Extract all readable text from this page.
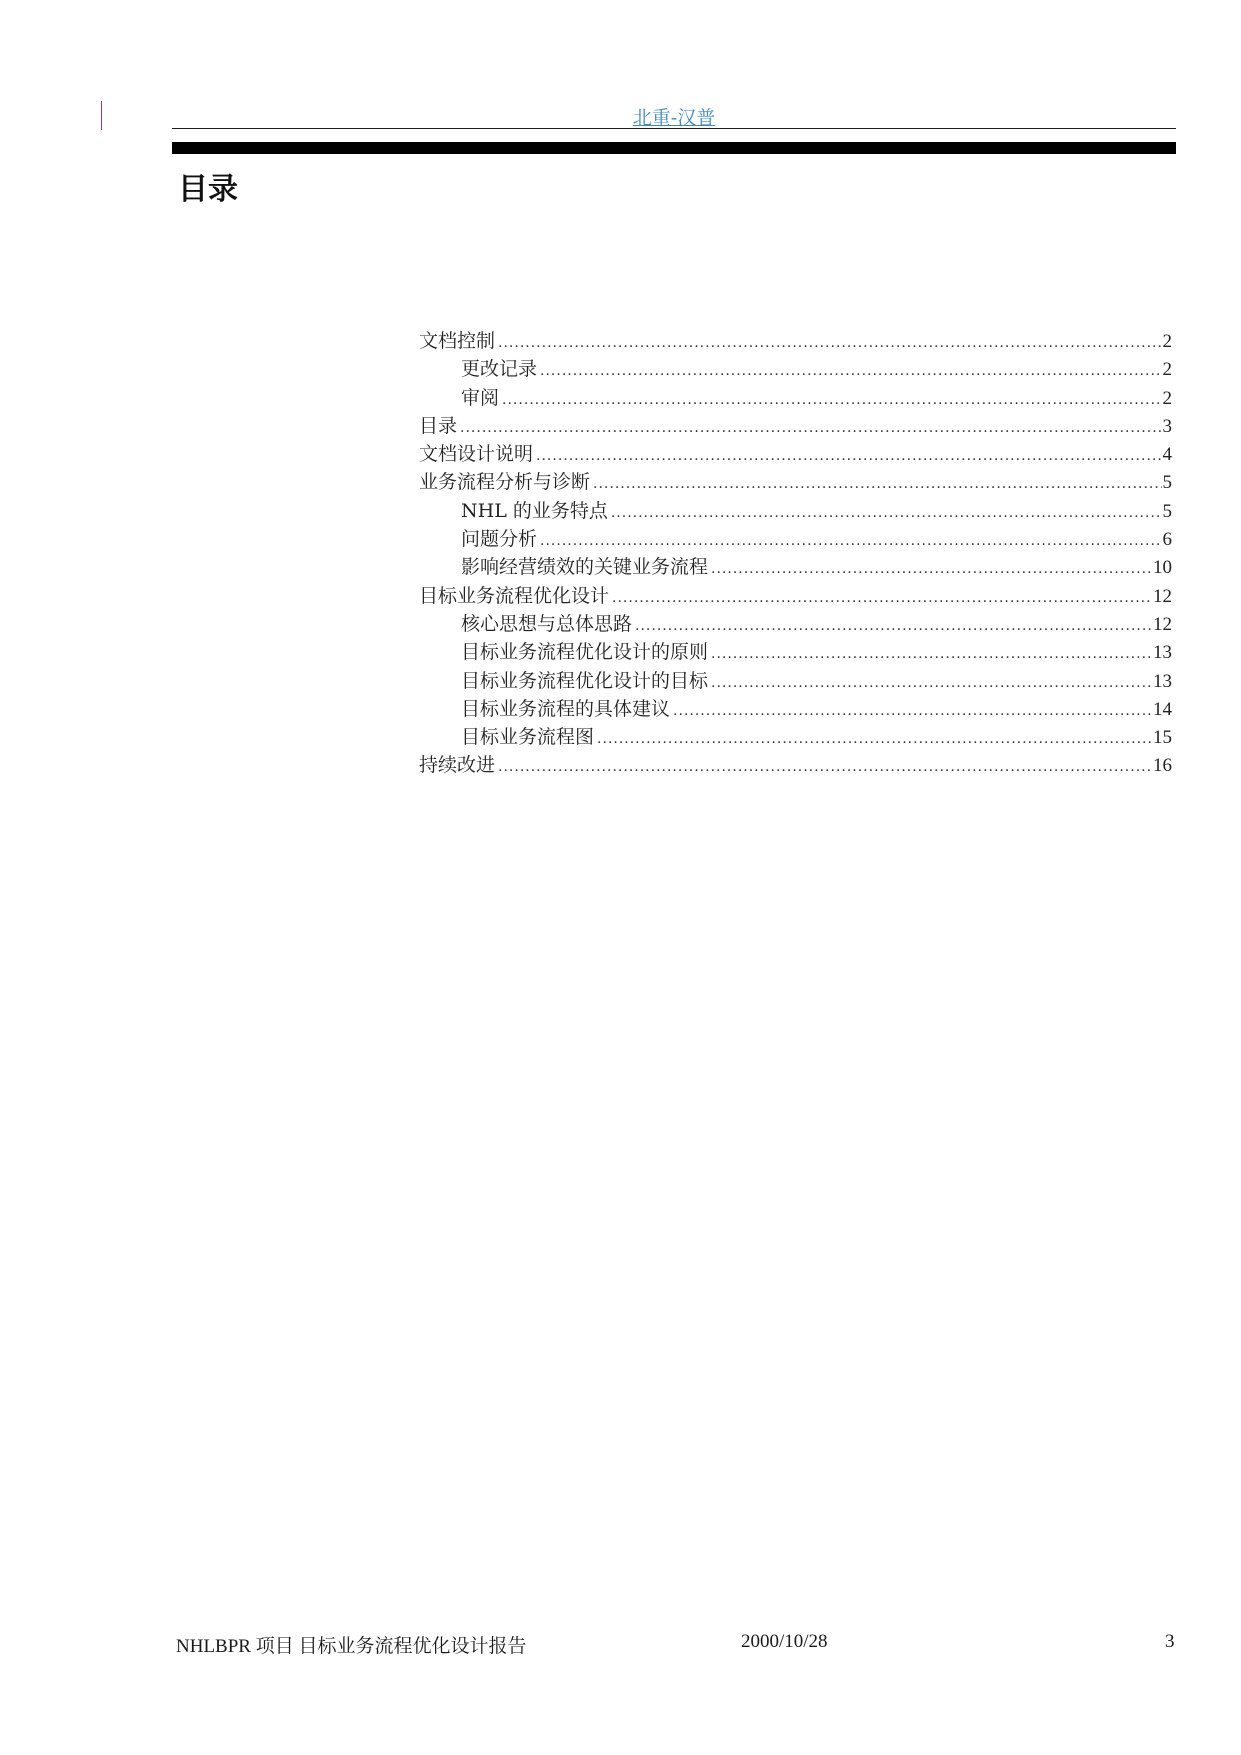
北重-汉普
目录
文档控制 .....	2
更改记录 .....	2
审阅 .....	2
目录 .....	3
文档设计说明 .....	4
业务流程分析与诊断 .....	5
NHL 的业务特点 .....	5
问题分析 .....	6
影响经营绩效的关键业务流程 .....	10
目标业务流程优化设计 .....	12
核心思想与总体思路 .....	12
目标业务流程优化设计的原则 .....	13
目标业务流程优化设计的目标 .....	13
目标业务流程的具体建议 .....	14
目标业务流程图 .....	15
持续改进 .....	16
NHLBPR 项目 目标业务流程优化设计报告	2000/10/28	3
